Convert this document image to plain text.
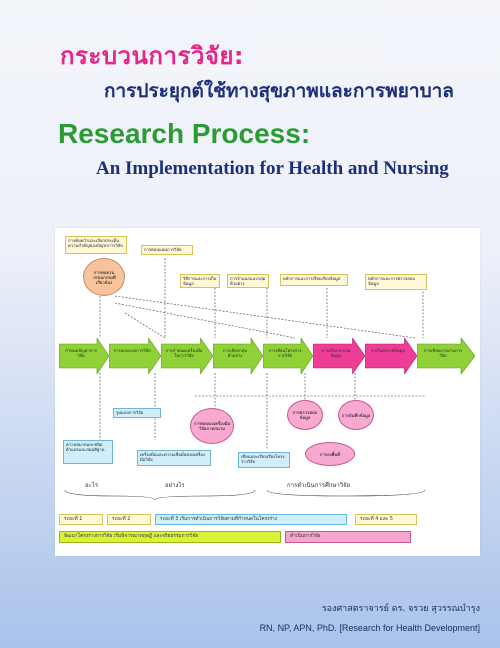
กระบวนการวิจัย:
การประยุกต์ใช้ทางสุขภาพและการพยาบาล
Research Process:
An Implementation for Health and Nursing
การค้นคว้าและเลือกประเด็นความสำคัญของปัญหาการวิจัย
การตอบแผนการวิจัย
วิธีการและการเก็บข้อมูล
การจำแนกและกลุ่มตัวอย่าง
หลักการและการเรียบเรียงข้อมูล	หลักการและการตรวจสอบข้อมูล
การทบทวนวรรณกรรมที่เกี่ยวข้อง
กำหนดปัญหาการวิจัย
การออกแบบการวิจัย	การกำหนดเครื่องมือในการวิจัย
การเลือกกลุ่มตัวอย่าง
การเขียนโครงร่างการวิจัย
การเก็บรวบรวมข้อมูล
การวิเคราะห์ข้อมูล	การเขียนรายงานการวิจัย
การทดลองเครื่องมือวิจัยภาคสนาม
การตรวจสอบข้อมูล	การบันทึกข้อมูล
การลงพื้นที่
รูปแบบการวิจัย
ความหมายและชนิดตัวแปรและสมมติฐาน
เครื่องมือและความเชื่อมั่นของเครื่องมือวิจัย
เขียนและเรียบเรียงโครงร่างวิจัย
อะไร	อย่างไร	การดำเนินการศึกษาวิจัย
ระยะที่ 1	ระยะที่ 2	ระยะที่ 3 เริ่มการดำเนินการวิจัยตามที่กำหนดในโครงร่าง	ระยะที่ 4 และ 5
พัฒนาโครงร่างการวิจัย เริ่มพิจารณาทฤษฎี และจริยธรรมการวิจัย	ดำเนินการวิจัย
รองศาสตราจารย์ ดร. จรวย สุวรรณบำรุง
RN, NP, APN, PhD. [Research for Health Development]
